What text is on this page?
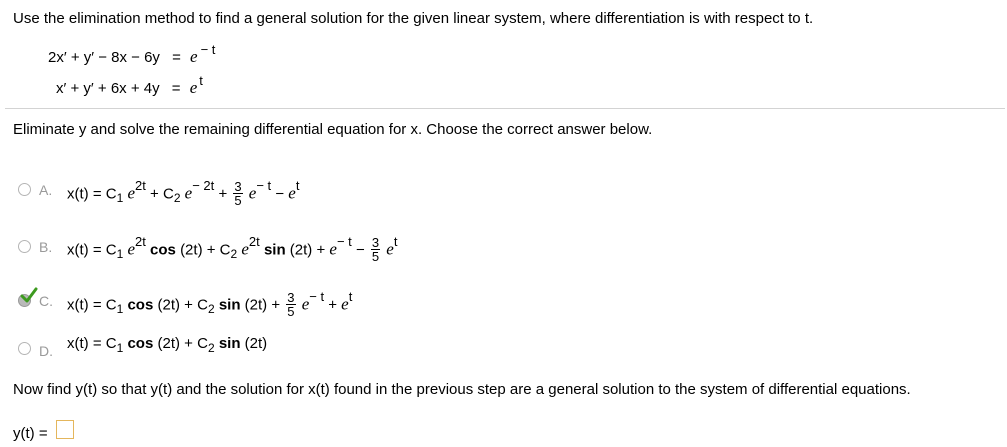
Use the elimination method to find a general solution for the given linear system, where differentiation is with respect to t.
2x′ + y′ − 8x − 6y = e − t
x′ + y′ + 6x + 4y = e t
Eliminate y and solve the remaining differential equation for x. Choose the correct answer below.
A. $x(t) = C_1$ $e2t + C_2$ $e- 2t + \frac{3}{5} e- t$ − et
B. $x(t) = C_1$ e2t $\cos (2t) + C_2$ e2t $\sin (2t) + e- t - \frac{3}{5}$ et
C. $x(t) = C_1$ $\cos (2t) + C_2$ $\sin (2t) + \frac{3}{5} e- t$ + et
D. $x(t) = C_1$ $\cos (2t) + C_2$ sin (2t)
Now find y(t) so that y(t) and the solution for x(t) found in the previous step are a general solution to the system of differential equations.
y(t) =
